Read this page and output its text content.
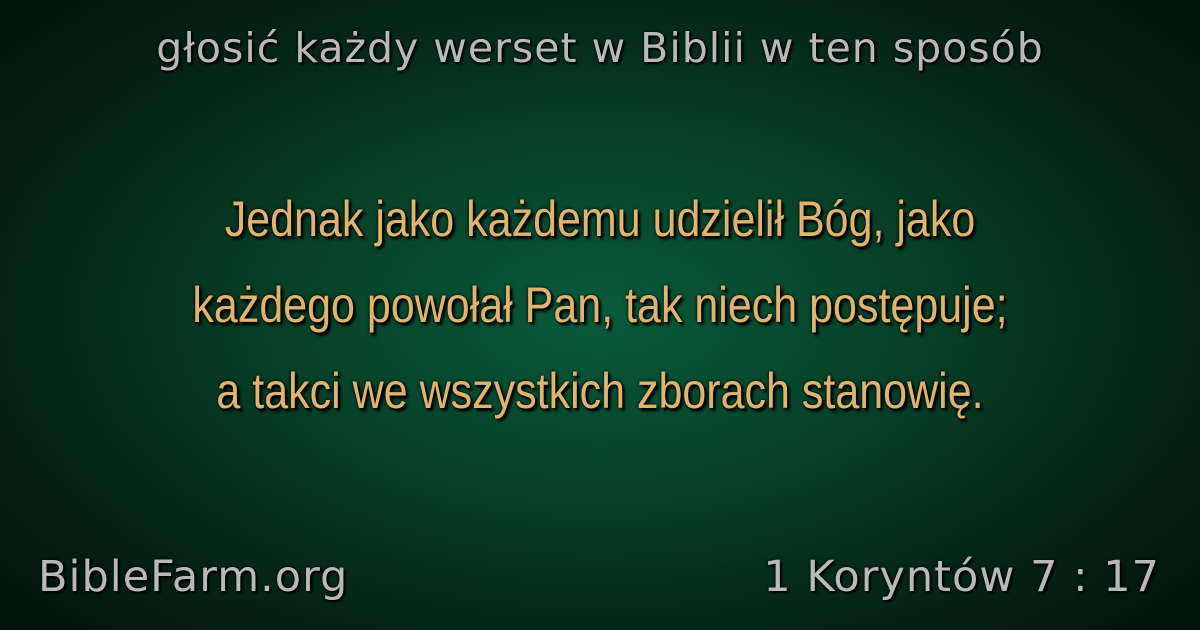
głosić każdy werset w Biblii w ten sposób
Jednak jako każdemu udzielił Bóg, jako
każdego powołał Pan, tak niech postępuje;
a takci we wszystkich zborach stanowię.
BibleFarm.org	1 Koryntów 7 : 17
